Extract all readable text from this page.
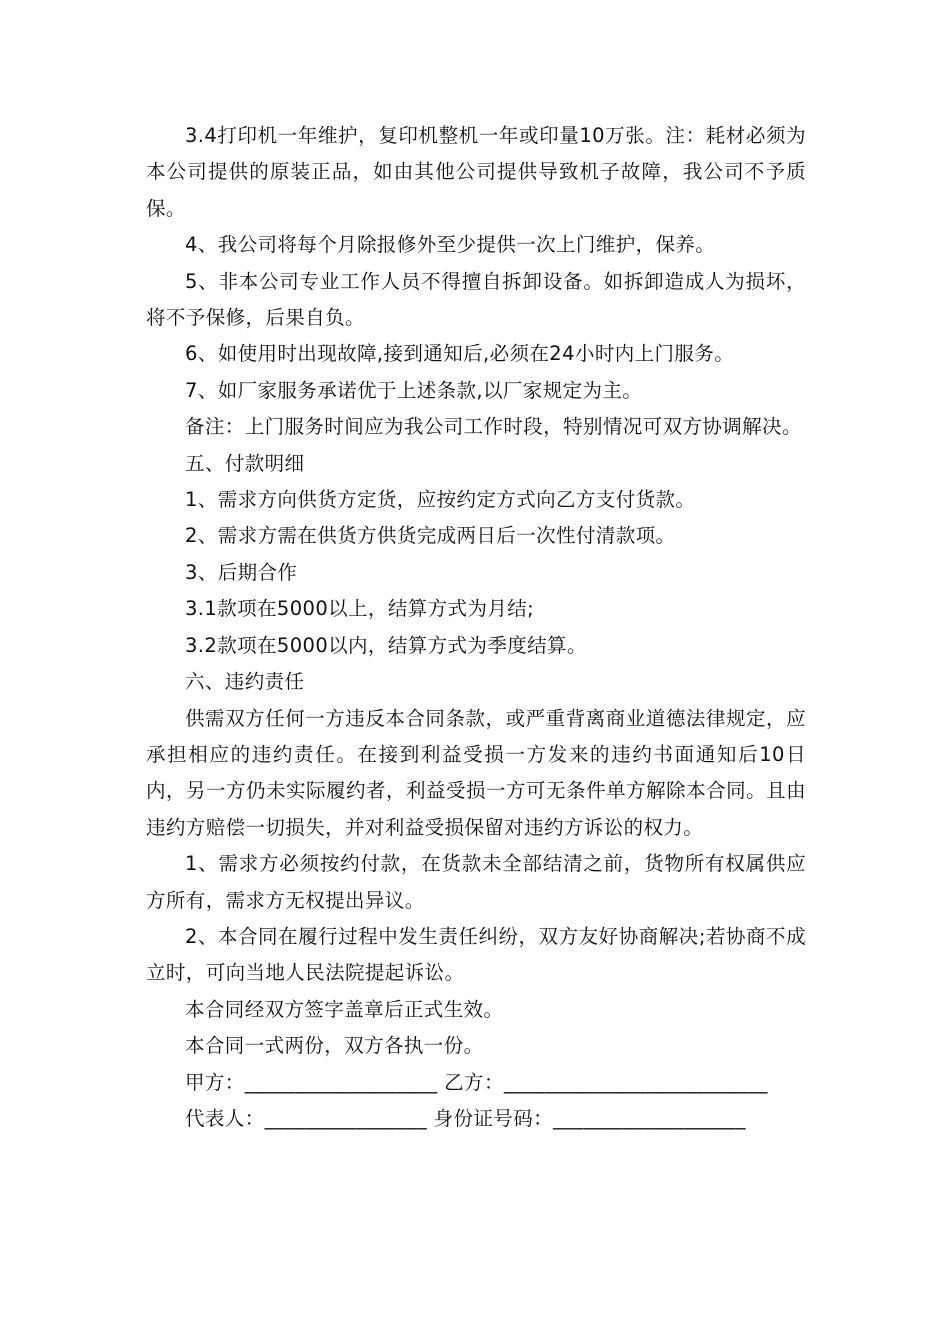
3.4打印机一年维护，复印机整机一年或印量10万张。注：耗材必须为本公司提供的原装正品，如由其他公司提供导致机子故障，我公司不予质保。

4、我公司将每个月除报修外至少提供一次上门维护，保养。

5、非本公司专业工作人员不得擅自拆卸设备。如拆卸造成人为损坏，将不予保修，后果自负。

6、如使用时出现故障,接到通知后,必须在24小时内上门服务。

7、如厂家服务承诺优于上述条款,以厂家规定为主。

备注：上门服务时间应为我公司工作时段，特别情况可双方协调解决。

五、付款明细

1、需求方向供货方定货，应按约定方式向乙方支付货款。

2、需求方需在供货方供货完成两日后一次性付清款项。

3、后期合作

3.1款项在5000以上，结算方式为月结;

3.2款项在5000以内，结算方式为季度结算。

六、违约责任

供需双方任何一方违反本合同条款，或严重背离商业道德法律规定，应承担相应的违约责任。在接到利益受损一方发来的违约书面通知后10日内，另一方仍未实际履约者，利益受损一方可无条件单方解除本合同。且由违约方赔偿一切损失，并对利益受损保留对违约方诉讼的权力。

1、需求方必须按约付款，在货款未全部结清之前，货物所有权属供应方所有，需求方无权提出异议。

2、本合同在履行过程中发生责任纠纷，双方友好协商解决;若协商不成立时，可向当地人民法院提起诉讼。

本合同经双方签字盖章后正式生效。

本合同一式两份，双方各执一份。

甲方：___________________ 乙方：__________________________

代表人：________________ 身份证号码：___________________
